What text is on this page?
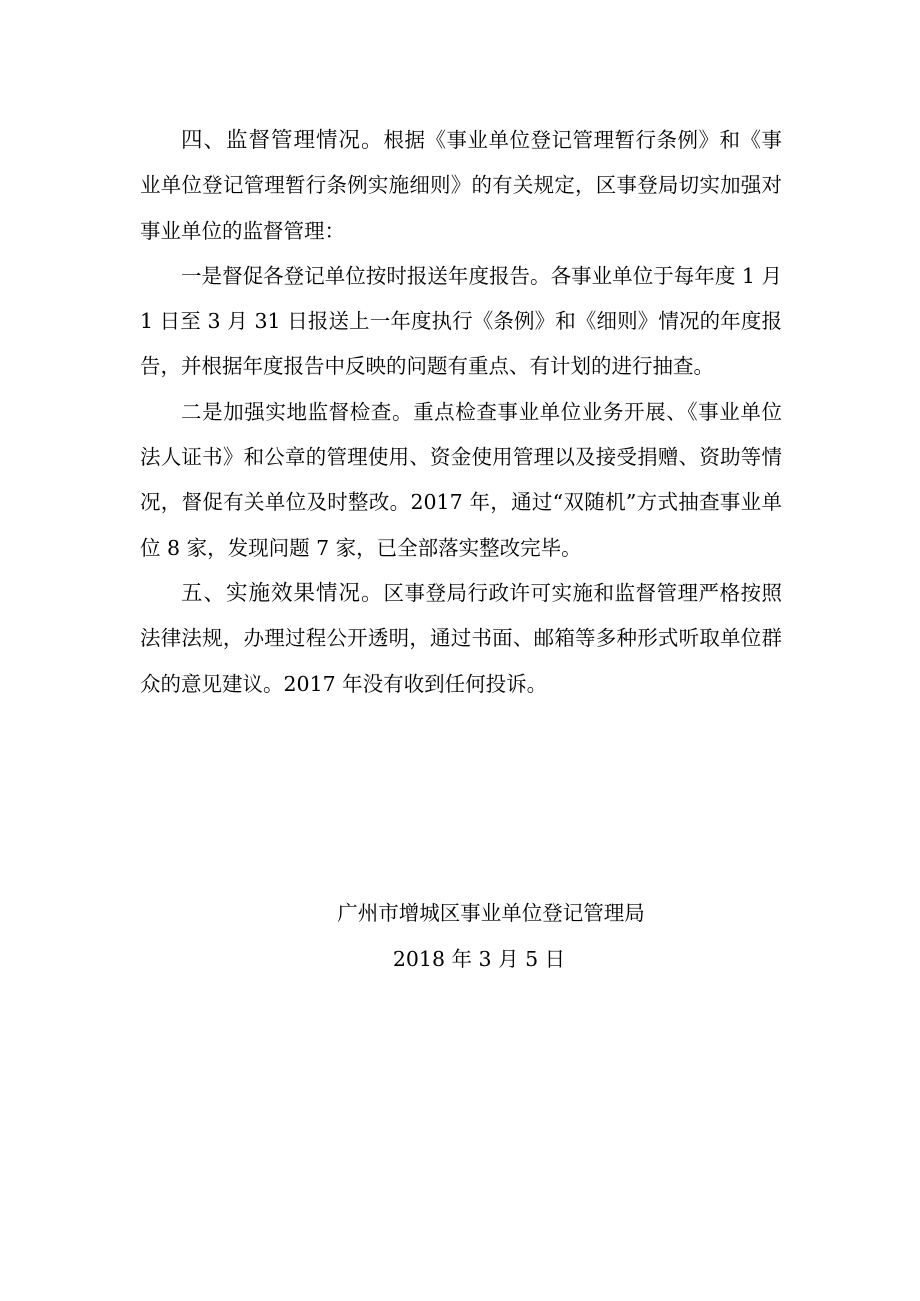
四、监督管理情况。根据《事业单位登记管理暂行条例》和《事业单位登记管理暂行条例实施细则》的有关规定，区事登局切实加强对事业单位的监督管理：

一是督促各登记单位按时报送年度报告。各事业单位于每年度 1 月 1 日至 3 月 31 日报送上一年度执行《条例》和《细则》情况的年度报告，并根据年度报告中反映的问题有重点、有计划的进行抽查。

二是加强实地监督检查。重点检查事业单位业务开展、《事业单位法人证书》和公章的管理使用、资金使用管理以及接受捐赠、资助等情况，督促有关单位及时整改。2017 年，通过“双随机”方式抽查事业单位 8 家，发现问题 7 家，已全部落实整改完毕。

五、实施效果情况。区事登局行政许可实施和监督管理严格按照法律法规，办理过程公开透明，通过书面、邮箱等多种形式听取单位群众的意见建议。2017 年没有收到任何投诉。

广州市增城区事业单位登记管理局

2018 年 3 月 5 日
